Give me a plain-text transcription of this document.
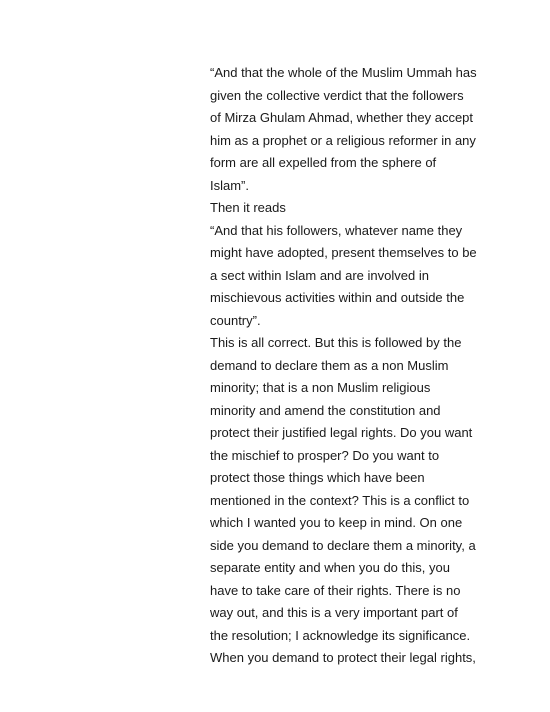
“And that the whole of the Muslim Ummah has
given the collective verdict that the followers
of Mirza Ghulam Ahmad, whether they accept
him as a prophet or a religious reformer in any
form are all expelled from the sphere of
Islam”.
Then it reads
“And that his followers, whatever name they
might have adopted, present themselves to be
a sect within Islam and are involved in
mischievous activities within and outside the
country”.
This is all correct. But this is followed by the
demand to declare them as a non Muslim
minority; that is a non Muslim religious
minority and amend the constitution and
protect their justified legal rights. Do you want
the mischief to prosper? Do you want to
protect those things which have been
mentioned in the context? This is a conflict to
which I wanted you to keep in mind. On one
side you demand to declare them a minority, a
separate entity and when you do this, you
have to take care of their rights. There is no
way out, and this is a very important part of
the resolution; I acknowledge its significance.
When you demand to protect their legal rights,
